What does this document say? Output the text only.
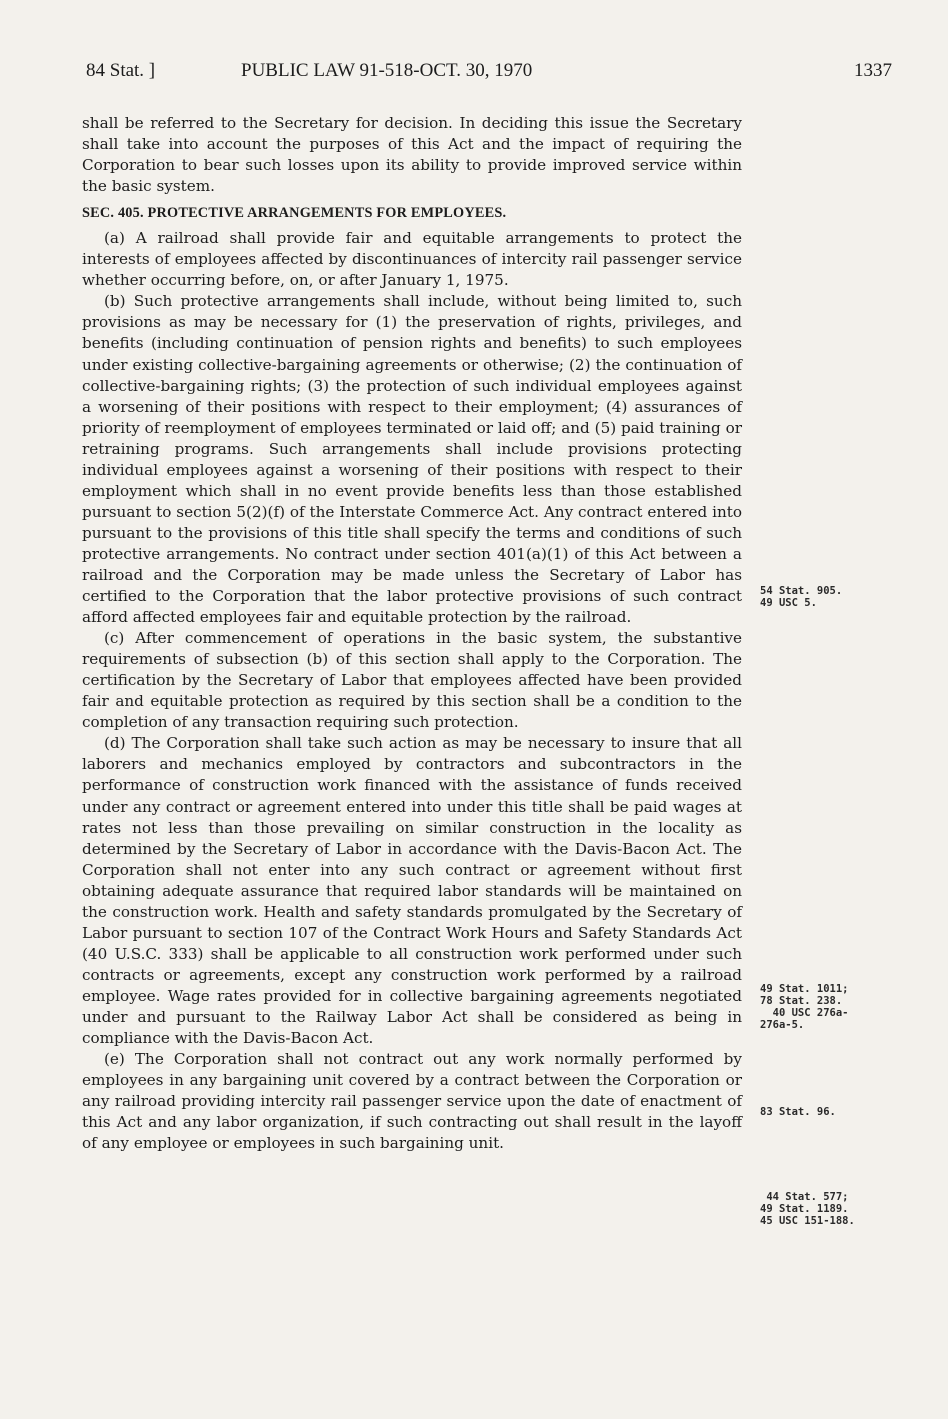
84 Stat. ]	PUBLIC LAW 91-518-OCT. 30, 1970	1337

shall be referred to the Secretary for decision. In deciding this issue the Secretary shall take into account the purposes of this Act and the impact of requiring the Corporation to bear such losses upon its ability to provide improved service within the basic system.

SEC. 405. PROTECTIVE ARRANGEMENTS FOR EMPLOYEES.

(a) A railroad shall provide fair and equitable arrangements to protect the interests of employees affected by discontinuances of intercity rail passenger service whether occurring before, on, or after January 1, 1975.

(b) Such protective arrangements shall include, without being limited to, such provisions as may be necessary for (1) the preservation of rights, privileges, and benefits (including continuation of pension rights and benefits) to such employees under existing collective-bargaining agreements or otherwise; (2) the continuation of collective-bargaining rights; (3) the protection of such individual employees against a worsening of their positions with respect to their employment; (4) assurances of priority of reemployment of employees terminated or laid off; and (5) paid training or retraining programs. Such arrangements shall include provisions protecting individual employees against a worsening of their positions with respect to their employment which shall in no event provide benefits less than those established pursuant to section 5(2)(f) of the Interstate Commerce Act. Any contract entered into pursuant to the provisions of this title shall specify the terms and conditions of such protective arrangements. No contract under section 401(a)(1) of this Act between a railroad and the Corporation may be made unless the Secretary of Labor has certified to the Corporation that the labor protective provisions of such contract afford affected employees fair and equitable protection by the railroad.

(c) After commencement of operations in the basic system, the substantive requirements of subsection (b) of this section shall apply to the Corporation. The certification by the Secretary of Labor that employees affected have been provided fair and equitable protection as required by this section shall be a condition to the completion of any transaction requiring such protection.

(d) The Corporation shall take such action as may be necessary to insure that all laborers and mechanics employed by contractors and subcontractors in the performance of construction work financed with the assistance of funds received under any contract or agreement entered into under this title shall be paid wages at rates not less than those prevailing on similar construction in the locality as determined by the Secretary of Labor in accordance with the Davis-Bacon Act. The Corporation shall not enter into any such contract or agreement without first obtaining adequate assurance that required labor standards will be maintained on the construction work. Health and safety standards promulgated by the Secretary of Labor pursuant to section 107 of the Contract Work Hours and Safety Standards Act (40 U.S.C. 333) shall be applicable to all construction work performed under such contracts or agreements, except any construction work performed by a railroad employee. Wage rates provided for in collective bargaining agreements negotiated under and pursuant to the Railway Labor Act shall be considered as being in compliance with the Davis-Bacon Act.

(e) The Corporation shall not contract out any work normally performed by employees in any bargaining unit covered by a contract between the Corporation or any railroad providing intercity rail passenger service upon the date of enactment of this Act and any labor organization, if such contracting out shall result in the layoff of any employee or employees in such bargaining unit.

54 Stat. 905.
49 USC 5.
49 Stat. 1011;
78 Stat. 238.
40 USC 276a-
276a-5.
83 Stat. 96.
44 Stat. 577;
49 Stat. 1189.
45 USC 151-188.
